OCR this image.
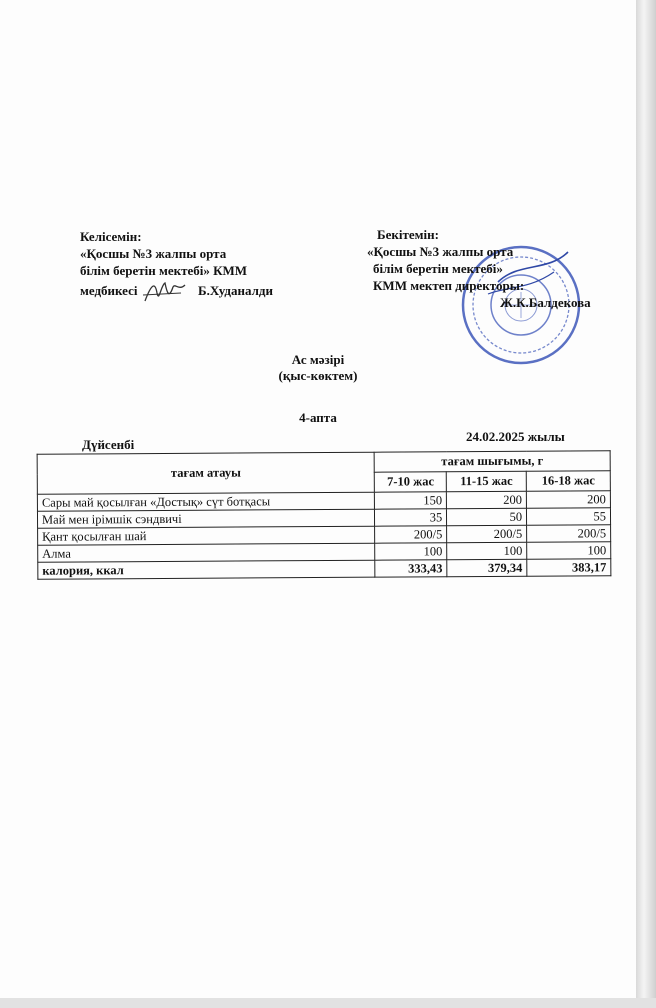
Келісемін:
«Қосшы №3 жалпы орта
білім беретін мектебі» КММ
медбикесі	Б.Худаналди
Бекітемін:
«Қосшы №3 жалпы орта
білім беретін мектебі»
КММ мектеп директоры:
Ж.К.Балдекова
Ас мәзірі
(қыс-көктем)
4-апта
Дүйсенбі
24.02.2025 жылы
тағам атауы	тағам шығымы, г		
	7-10 жас	11-15 жас	16-18 жас
Сары май қосылған «Достық» сүт ботқасы	150	200	200
Май мен ірімшік сэндвичі	35	50	55
Қант қосылған шай	200/5	200/5	200/5
Алма	100	100	100
калория, ккал	333,43	379,34	383,17
